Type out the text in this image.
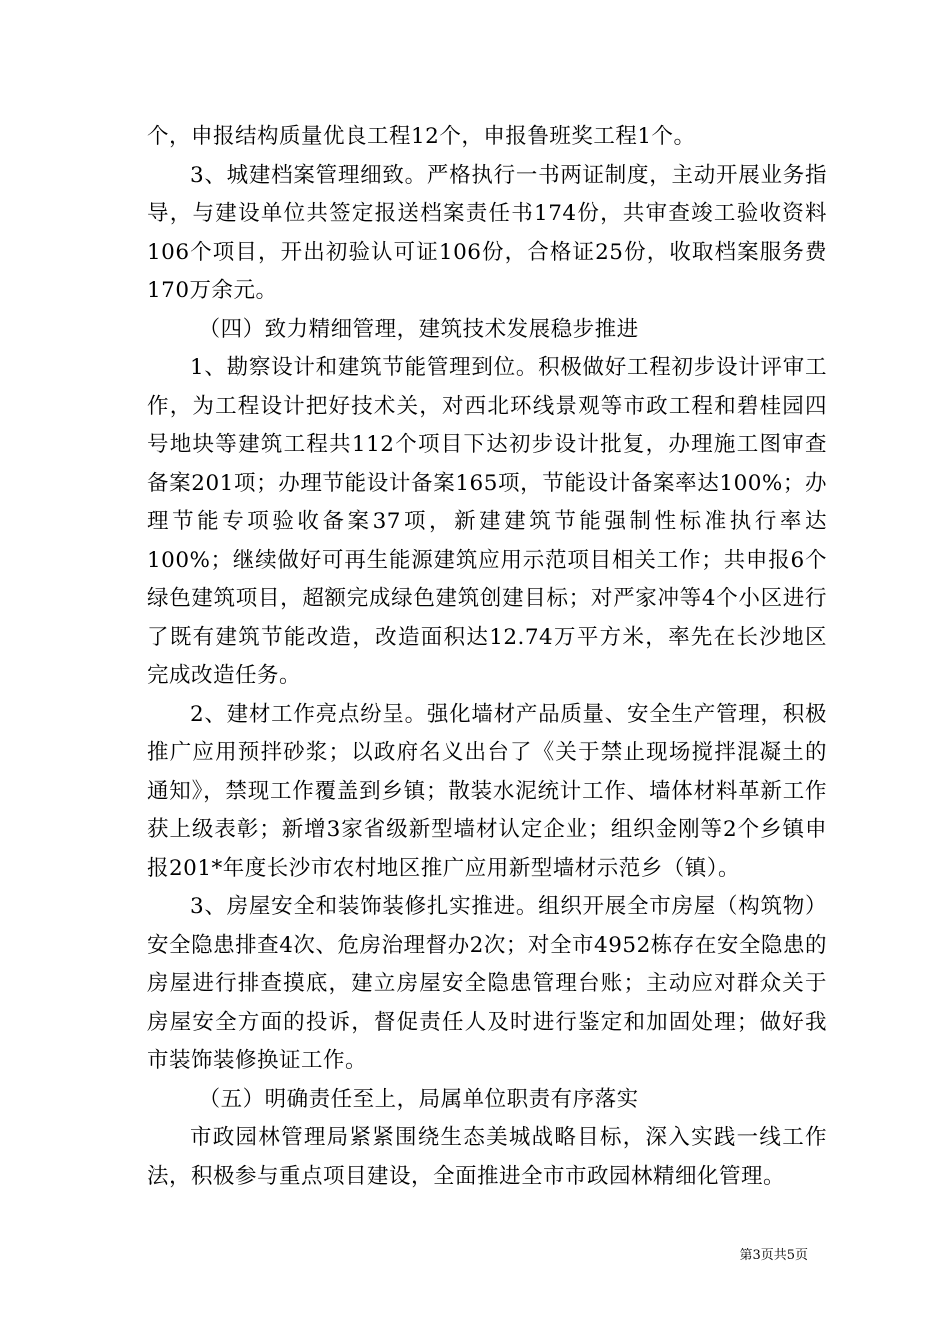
个，申报结构质量优良工程12个，申报鲁班奖工程1个。

3、城建档案管理细致。严格执行一书两证制度，主动开展业务指导，与建设单位共签定报送档案责任书174份，共审查竣工验收资料106个项目，开出初验认可证106份，合格证25份，收取档案服务费170万余元。

（四）致力精细管理，建筑技术发展稳步推进

1、勘察设计和建筑节能管理到位。积极做好工程初步设计评审工作，为工程设计把好技术关，对西北环线景观等市政工程和碧桂园四号地块等建筑工程共112个项目下达初步设计批复，办理施工图审查备案201项；办理节能设计备案165项，节能设计备案率达100%；办理节能专项验收备案37项，新建建筑节能强制性标准执行率达100%；继续做好可再生能源建筑应用示范项目相关工作；共申报6个绿色建筑项目，超额完成绿色建筑创建目标；对严家冲等4个小区进行了既有建筑节能改造，改造面积达12.74万平方米，率先在长沙地区完成改造任务。

2、建材工作亮点纷呈。强化墙材产品质量、安全生产管理，积极推广应用预拌砂浆；以政府名义出台了《关于禁止现场搅拌混凝土的通知》，禁现工作覆盖到乡镇；散装水泥统计工作、墙体材料革新工作获上级表彰；新增3家省级新型墙材认定企业；组织金刚等2个乡镇申报201*年度长沙市农村地区推广应用新型墙材示范乡（镇）。

3、房屋安全和装饰装修扎实推进。组织开展全市房屋（构筑物）安全隐患排查4次、危房治理督办2次；对全市4952栋存在安全隐患的房屋进行排查摸底，建立房屋安全隐患管理台账；主动应对群众关于房屋安全方面的投诉，督促责任人及时进行鉴定和加固处理；做好我市装饰装修换证工作。

（五）明确责任至上，局属单位职责有序落实

市政园林管理局紧紧围绕生态美城战略目标，深入实践一线工作法，积极参与重点项目建设，全面推进全市市政园林精细化管理。

第3页共5页
